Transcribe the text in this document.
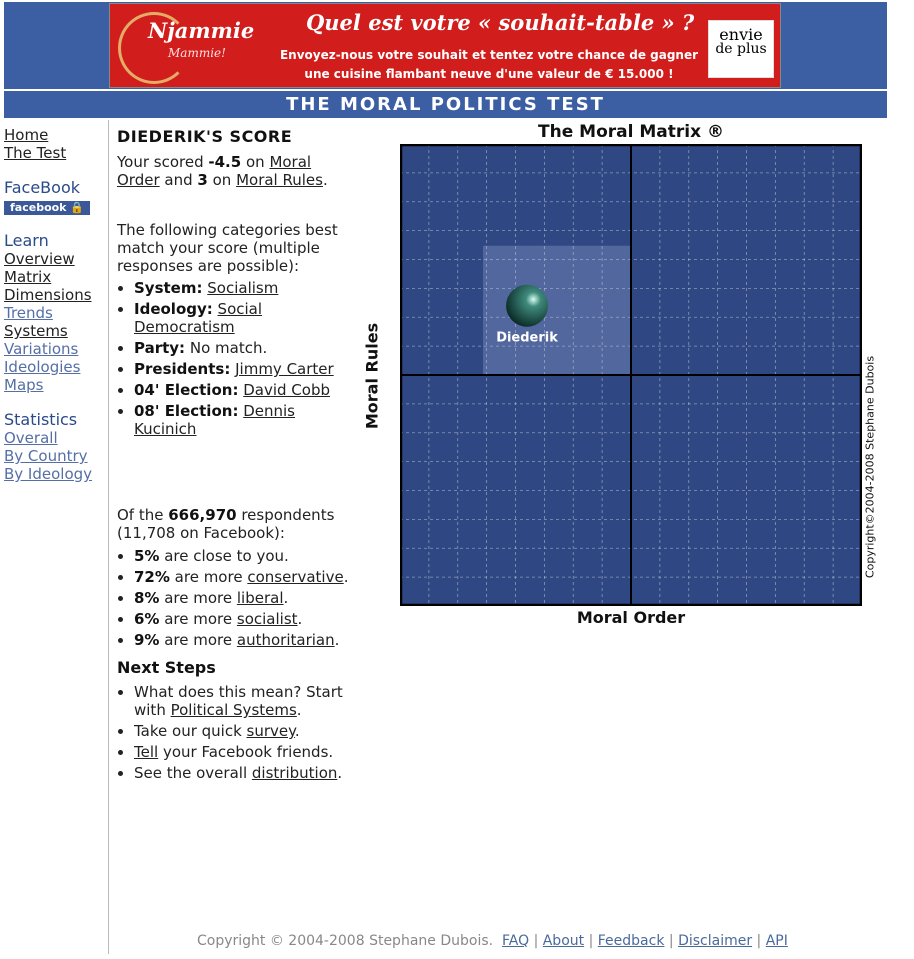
Njammie
Mammie!
Quel est votre « souhait-table » ?
Envoyez-nous votre souhait et tentez votre chance de gagner une cuisine flambant neuve d'une valeur de € 15.000 !
envie
de plus
THE MORAL POLITICS TEST
Home
The Test
FaceBook
facebook 🔒
Learn
Overview
Matrix
Dimensions
Trends
Systems
Variations
Ideologies
Maps
Statistics
Overall
By Country
By Ideology
DIEDERIK'S SCORE

Your scored -4.5 on Moral Order and 3 on Moral Rules.

The following categories best match your score (multiple responses are possible):

• System: Socialism
• Ideology: Social Democratism
• Party: No match.
• Presidents: Jimmy Carter
• 04' Election: David Cobb
• 08' Election: Dennis Kucinich

Of the 666,970 respondents (11,708 on Facebook):

• 5% are close to you.
• 72% are more conservative.
• 8% are more liberal.
• 6% are more socialist.
• 9% are more authoritarian.
Next Steps
• What does this mean? Start with Political Systems.
• Take our quick survey.
• Tell your Facebook friends.
• See the overall distribution.
The Moral Matrix ®
Diederik
Moral Rules
Moral Order
Copyright©2004-2008 Stephane Dubois
Copyright © 2004-2008 Stephane Dubois. FAQ | About | Feedback | Disclaimer | API
